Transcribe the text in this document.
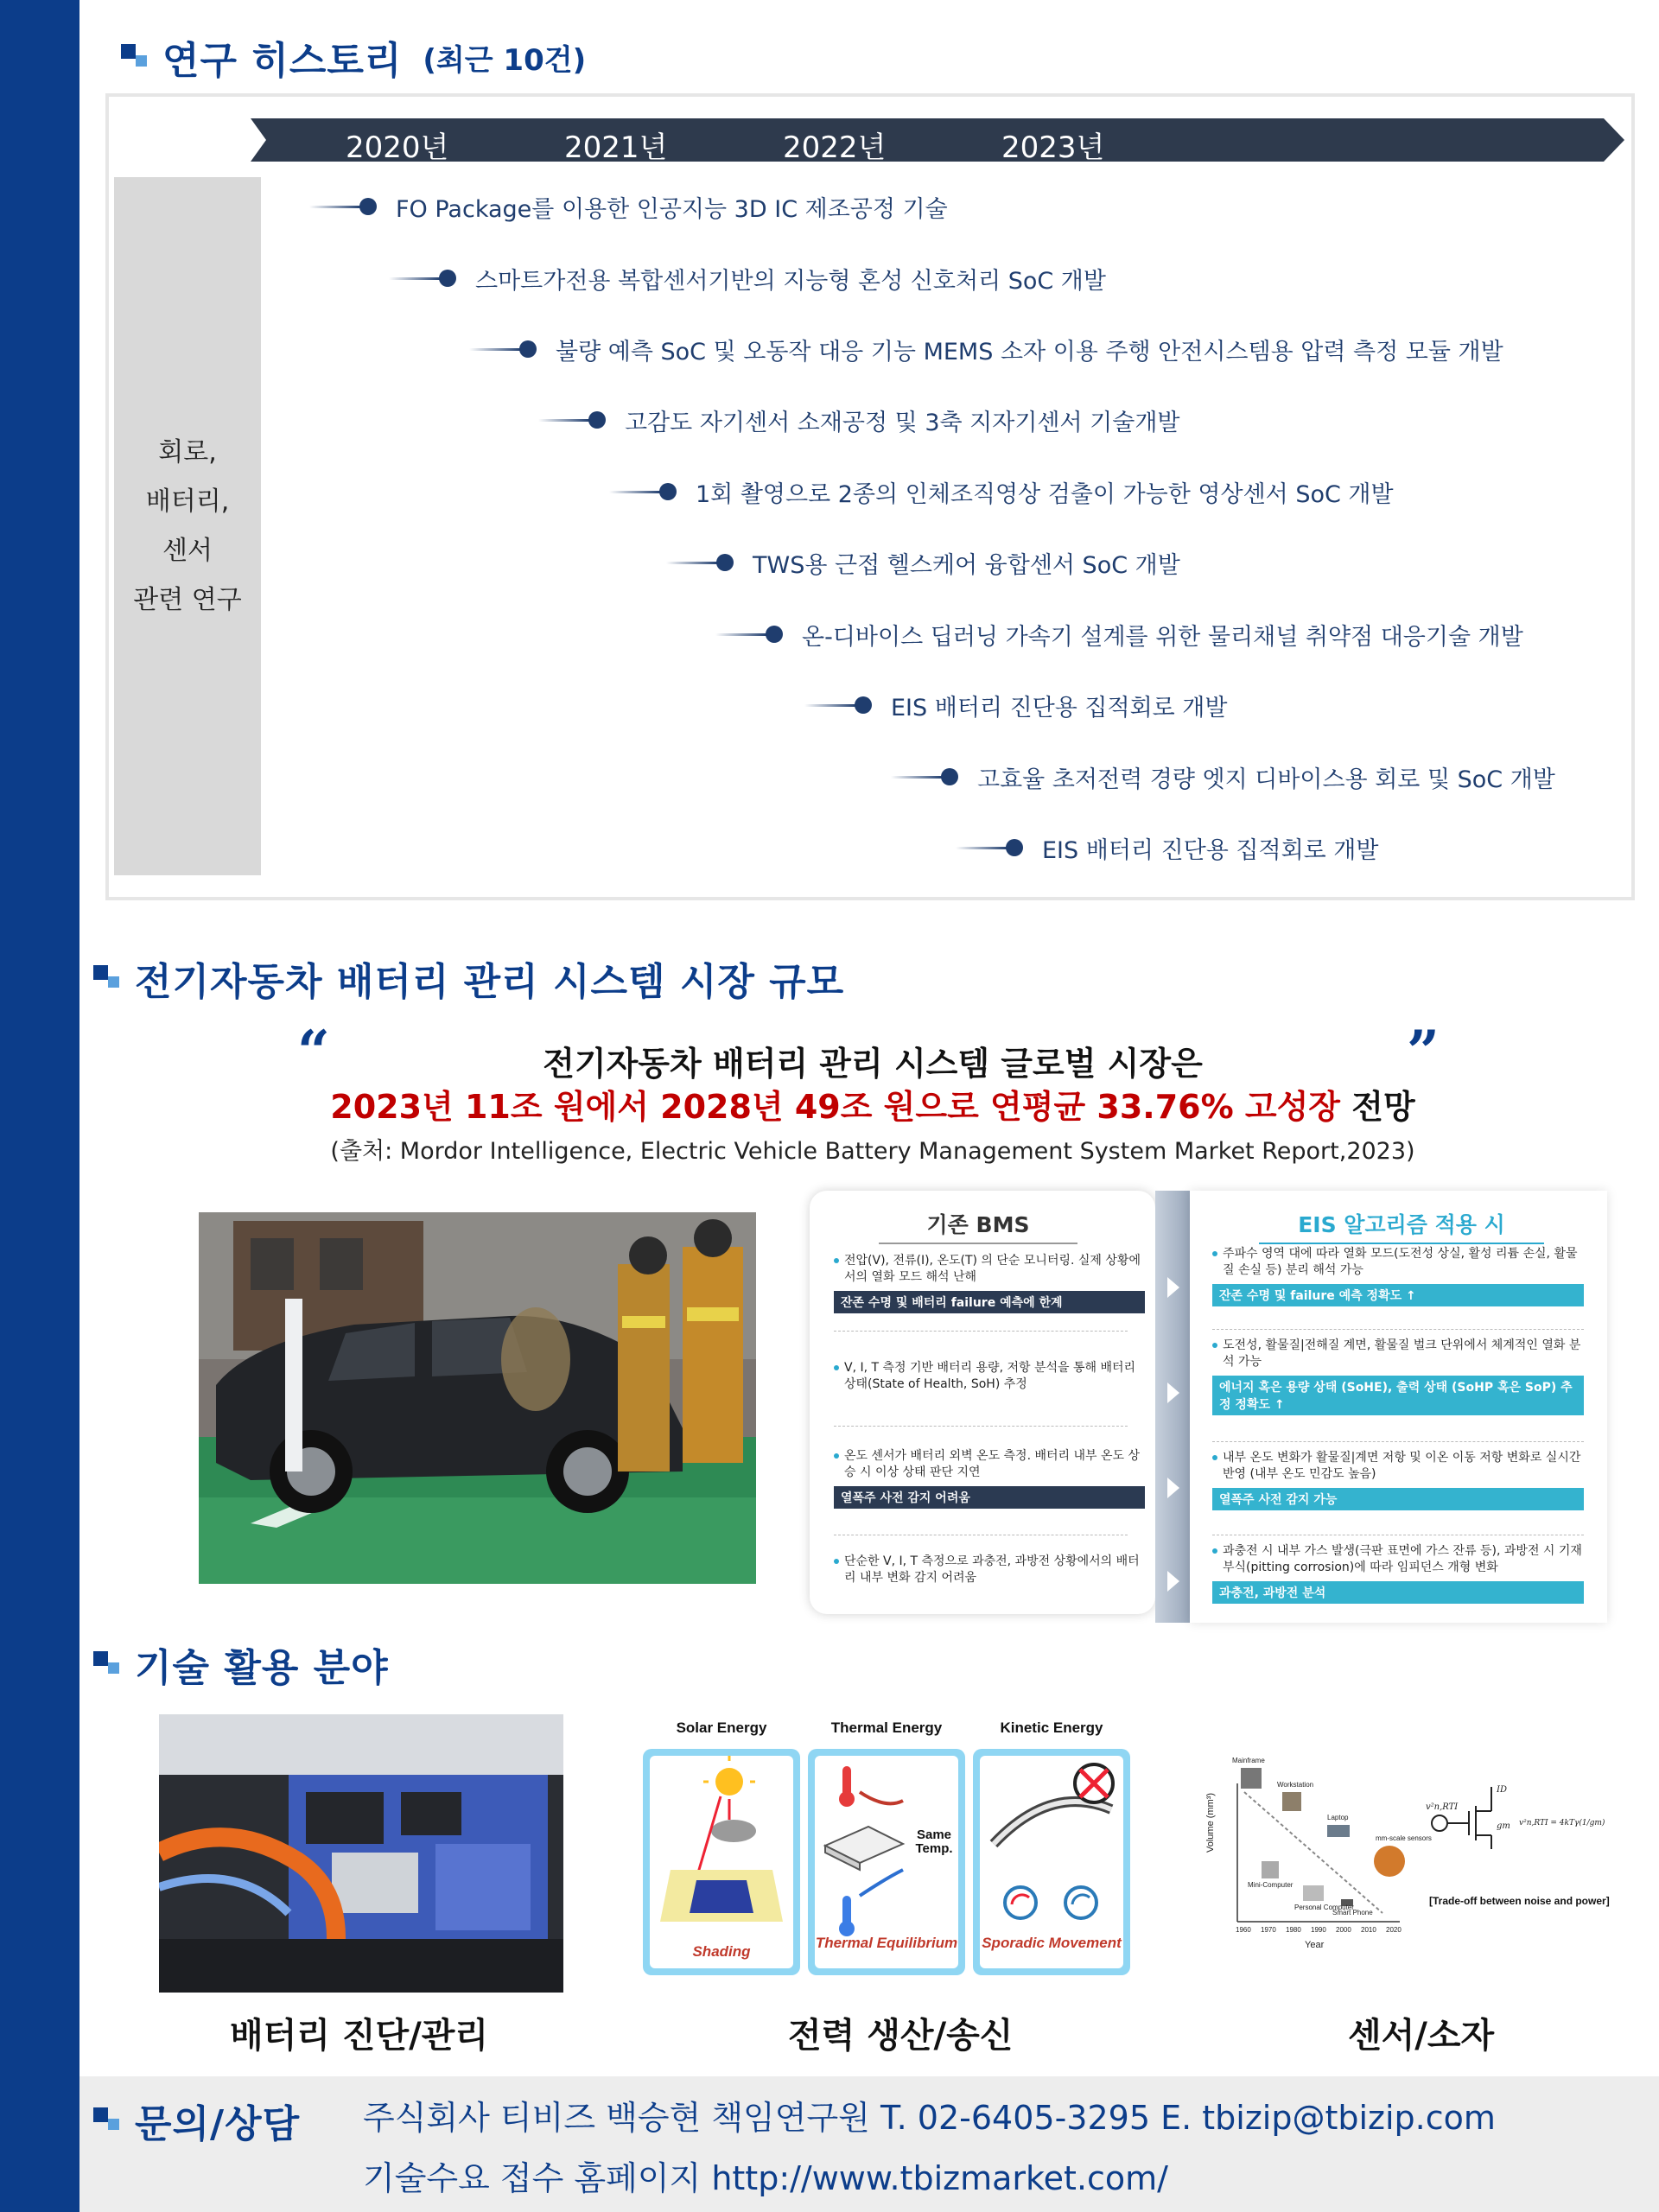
연구 히스토리 (최근 10건)
2020년	2021년	2022년	2023년
회로,
배터리,
센서
관련 연구
FO Package를 이용한 인공지능 3D IC 제조공정 기술
스마트가전용 복합센서기반의 지능형 혼성 신호처리 SoC 개발
불량 예측 SoC 및 오동작 대응 기능 MEMS 소자 이용 주행 안전시스템용 압력 측정 모듈 개발
고감도 자기센서 소재공정 및 3축 지자기센서 기술개발
1회 촬영으로 2종의 인체조직영상 검출이 가능한 영상센서 SoC 개발
TWS용 근접 헬스케어 융합센서 SoC 개발
온-디바이스 딥러닝 가속기 설계를 위한 물리채널 취약점 대응기술 개발
EIS 배터리 진단용 집적회로 개발
고효율 초저전력 경량 엣지 디바이스용 회로 및 SoC 개발
EIS 배터리 진단용 집적회로 개발
전기자동차 배터리 관리 시스템 시장 규모
“	”
전기자동차 배터리 관리 시스템 글로벌 시장은
2023년 11조 원에서 2028년 49조 원으로 연평균 33.76% 고성장 전망
(출처: Mordor Intelligence, Electric Vehicle Battery Management System Market Report,2023)
기존 BMS
전압(V), 전류(I), 온도(T) 의 단순 모니터링. 실제 상황에서의 열화 모드 해석 난해
잔존 수명 및 배터리 failure 예측에 한계
V, I, T 측정 기반 배터리 용량, 저항 분석을 통해 배터리 상태(State of Health, SoH) 추정
온도 센서가 배터리 외벽 온도 측정. 배터리 내부 온도 상승 시 이상 상태 판단 지연
열폭주 사전 감지 어려움
단순한 V, I, T 측정으로 과충전, 과방전 상황에서의 배터리 내부 변화 감지 어려움
EIS 알고리즘 적용 시
주파수 영역 대에 따라 열화 모드(도전성 상실, 활성 리튬 손실, 활물질 손실 등) 분리 해석 가능
잔존 수명 및 failure 예측 정확도 ↑
도전성, 활물질|전해질 계면, 활물질 벌크 단위에서 체계적인 열화 분석 가능
에너지 혹은 용량 상태 (SoHE), 출력 상태 (SoHP 혹은 SoP) 추정 정확도 ↑
내부 온도 변화가 활물질|계면 저항 및 이온 이동 저항 변화로 실시간 반영 (내부 온도 민감도 높음)
열폭주 사전 감지 가능
과충전 시 내부 가스 발생(극판 표면에 가스 잔류 등), 과방전 시 기재 부식(pitting corrosion)에 따라 임피던스 개형 변화
과충전, 과방전 분석
기술 활용 분야
Solar Energy	Thermal Energy	Kinetic Energy
Shading
Same Temp.
Thermal Equilibrium	Sporadic Movement
Volume (mm³)
Year
1960 1970 1980 1990 2000 2010 2020
Mainframe
Workstation
Laptop
Mini-Computer
Personal Computer
Smart Phone
mm-scale sensors
v²n,RTI
ID
gm v²n,RTI = 4kTγ(1/gm)
[Trade-off between noise and power]
배터리 진단/관리	전력 생산/송신	센서/소자
문의/상담 주식회사 티비즈 백승현 책임연구원 T. 02-6405-3295 E. tbizip@tbizip.com
기술수요 접수 홈페이지 http://www.tbizmarket.com/
